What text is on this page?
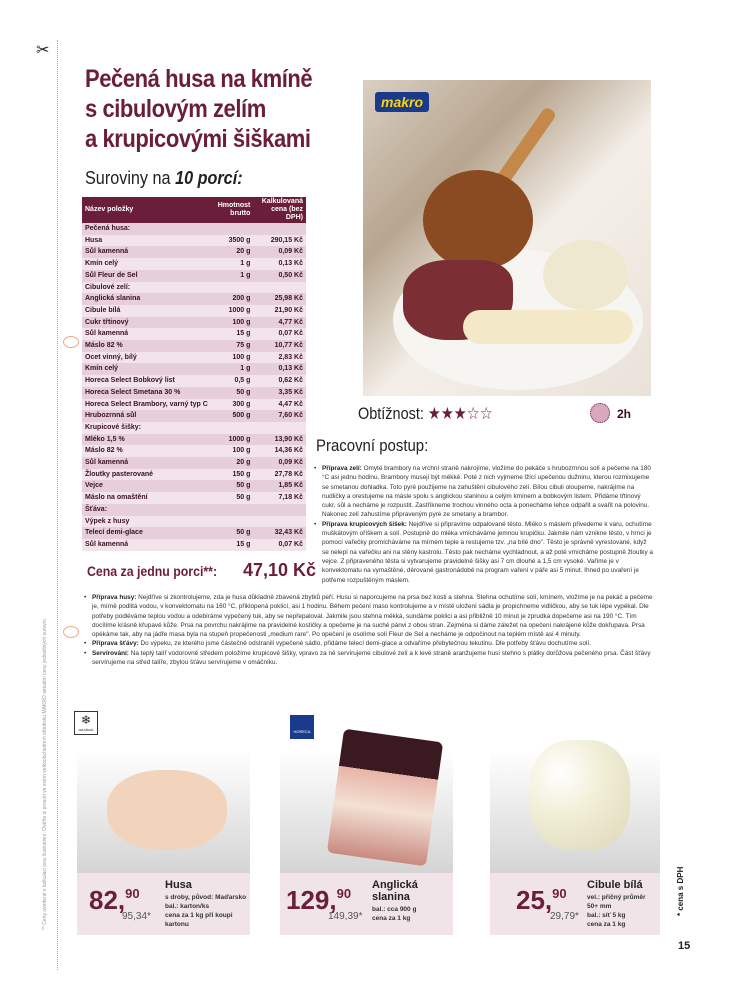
✂
** Ceny uvedené v kalkulaci jsou ilustrativní. Ověřte si prosím ve svém velkoobchodním středisku MAKRO aktuální ceny jednotlivých surovin.
Pečená husa na kmíně
s cibulovým zelím
a krupicovými šiškami
Suroviny na 10 porcí:
Název položky	Hmotnost brutto	Kalkulovaná cena (bez DPH)
Pečená husa:		
Husa	3500 g	290,15 Kč
Sůl kamenná	20 g	0,09 Kč
Kmín celý	1 g	0,13 Kč
Sůl Fleur de Sel	1 g	0,50 Kč
Cibulové zelí:		
Anglická slanina	200 g	25,98 Kč
Cibule bílá	1000 g	21,90 Kč
Cukr třtinový	100 g	4,77 Kč
Sůl kamenná	15 g	0,07 Kč
Máslo 82 %	75 g	10,77 Kč
Ocet vinný, bílý	100 g	2,83 Kč
Kmín celý	1 g	0,13 Kč
Horeca Select Bobkový list	0,5 g	0,62 Kč
Horeca Select Smetana 30 %	50 g	3,35 Kč
Horeca Select Brambory, varný typ C	300 g	4,47 Kč
Hrubozrnná sůl	500 g	7,60 Kč
Krupicové šišky:		
Mléko 1,5 %	1000 g	13,90 Kč
Máslo 82 %	100 g	14,36 Kč
Sůl kamenná	20 g	0,09 Kč
Žloutky pasterované	150 g	27,78 Kč
Vejce	50 g	1,85 Kč
Máslo na omaštění	50 g	7,18 Kč
Šťáva:		
Výpek z husy		
Telecí demi-glace	50 g	32,43 Kč
Sůl kamenná	15 g	0,07 Kč
Cena za jednu porci**: 47,10 Kč
makro
Obtížnost: ★★★☆☆	2h
Pracovní postup:
• Příprava zelí: Omyté brambory na vrchní straně nakrojíme, vložíme do pekáče s hrubozrnnou solí a pečeme na 180 °C asi jednu hodinu. Brambory musejí být měkké. Poté z nich vyjmeme lžící upečenou dužninu, kterou rozmixujeme se smetanou dohladka. Toto pyré použijeme na zahuštění cibulového zelí. Bílou cibuli oloupeme, nakrájíme na nudličky a orestujeme na másle spolu s anglickou slaninou a celým kmínem a bobkovým listem. Přidáme třtinový cukr, sůl a necháme je rozpustit. Zastříkneme trochou vinného octa a ponecháme lehce odpařit a svařit na polovinu. Nakonec zelí zahustíme připraveným pyré ze smetany a brambor.
• Příprava krupicových šišek: Nejdříve si připravíme odpalované těsto. Mléko s máslem přivedeme k varu, ochutíme muškátovým oříškem a solí. Postupně do mléka vmícháváme jemnou krupičku. Jakmile nám vznikne těsto, v hrnci je pomocí vařečky promícháváme na mírném teple a restujeme tzv. „na bílé dno". Těsto je správně vyrestované, když se nelepí na vařečku ani na stěny kastrolu. Těsto pak necháme vychladnout, a až poté vmícháme postupně žloutky a vejce. Z připraveného těsta si vytvarujeme pravidelné šišky asi 7 cm dlouhé a 1,5 cm vysoké. Vaříme je v konvektomatu na vymaštěné, děrované gastronádobě na program vaření v páře asi 5 minut. Ihned po uvaření je potřeme rozpuštěným máslem.
• Příprava husy: Nejdříve si zkontrolujeme, zda je husa důkladně zbavená zbytků peří. Husu si naporcujeme na prsa bez kosti a stehna. Stehna ochutíme solí, kmínem, vložíme je na pekáč a pečeme je, mírně podlitá vodou, v konvektomatu na 160 °C, přiklopená poklicí, asi 1 hodinu. Během pečení maso kontrolujeme a v místě uložení sádla je propichneme vidličkou, aby se tuk lépe vypékal. Dle potřeby podléváme teplou vodou a odebíráme vypečený tuk, aby se nepřepaloval. Jakmile jsou stehna měkká, sundáme poklici a asi přibližně 10 minut je zprudka dopečeme asi na 190 °C. Tím docílíme krásně křupavé kůže. Prsa na povrchu nakrájíme na pravidelné kostičky a opečeme je na suché pánvi z obou stran. Zejména si dáme záležet na opečení nakrájené kůže dokřupava. Prsa opékáme tak, aby na jádře masa byla na stupeň propečenosti „medium rare". Po opečení je osolíme solí Fleur de Sel a necháme je odpočinout na teplém místě asi 4 minuty.
• Příprava šťávy: Do výpeku, ze kterého jsme částečně odstranili vypečené sádlo, přidáme telecí demi-glace a odvaříme přebytečnou tekutinu. Dle potřeby šťávu dochutíme solí.
• Servírování: Na teplý talíř vodorovně středem položíme krupicové šišky, vpravo za ně servírujeme cibulové zelí a k levé straně aranžujeme husí stehno s plátky dorůžova pečeného prsa. Část šťávy servírujeme na střed talíře, zbylou šťávu servírujeme v omáčníku.
82,90
95,34*
Husa
s droby, původ: Maďarsko
bal.: karton/ks
cena za 1 kg při koupi kartonu
129,90
149,39*
Anglická slanina
bal.: cca 900 g
cena za 1 kg
25,90
29,79*
Cibule bílá
vel.: příčný průměr 50+ mm
bal.: síť 5 kg
cena za 1 kg
❄
MRAŽENÉ	HORECA
* cena s DPH
15
